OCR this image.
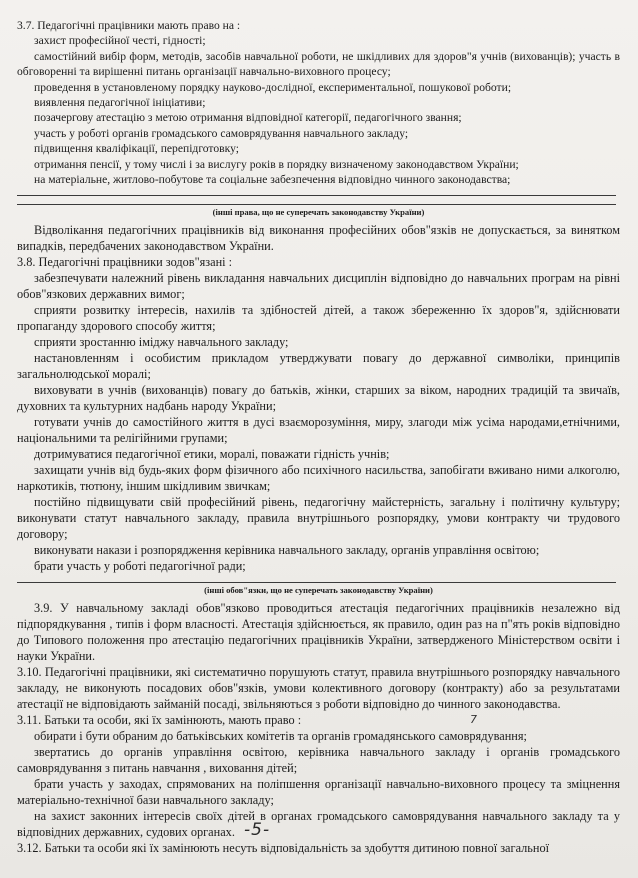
3.7. Педагогічні працівники мають право на :

захист професійної честі, гідності;

самостійний вибір форм, методів, засобів навчальної роботи, не шкідливих для здоров"я учнів (вихованців); участь в обговоренні та вирішенні питань організації навчально-виховного процесу;

проведення в установленому порядку науково-дослідної, експериментальної, пошукової роботи;

виявлення педагогічної ініціативи;

позачергову атестацію з метою отримання відповідної категорії, педагогічного звання;

участь у роботі органів громадського самоврядування навчального закладу;

підвищення кваліфікації, перепідготовку;

отримання пенсії, у тому числі і за вислугу років в порядку визначеному законодавством України;

на матеріальне, житлово-побутове та соціальне забезпечення відповідно чинного законодавства;

(інші права, що не суперечать законодавству України)

Відволікання педагогічних працівників від виконання професійних обов"язків не допускається, за винятком випадків, передбачених законодавством України.

3.8. Педагогічні працівники зодов"язані :

забезпечувати належний рівень викладання навчальних дисциплін відповідно до навчальних програм на рівні обов"язкових державних вимог;

сприяти розвитку інтересів, нахилів та здібностей дітей, а також збереженню їх здоров"я, здійснювати пропаганду здорового способу життя;

сприяти зростанню іміджу навчального закладу;

настановленням і особистим прикладом утверджувати повагу до державної символіки, принципів загальнолюдської моралі;

виховувати в учнів (вихованців) повагу до батьків, жінки, старших за віком, народних традицій та звичаїв, духовних та культурних надбань народу України;

готувати учнів до самостійного життя в дусі взаєморозуміння, миру, злагоди між усіма народами,етнічними, національними та релігійними групами;

дотримуватися педагогічної етики, моралі, поважати гідність учнів;

захищати учнів від будь-яких форм фізичного або психічного насильства, запобігати вживано ними алкоголю, наркотиків, тютюну, іншим шкідливим звичкам;

постійно підвищувати свій професійний рівень, педагогічну майстерність, загальну і політичну культуру; виконувати статут навчального закладу, правила внутрішнього розпорядку, умови контракту чи трудового договору;

виконувати накази і розпорядження керівника навчального закладу, органів управління освітою;

брати участь у роботі педагогічної ради;

(інші обов"язки, що не суперечать законодавству України)

3.9. У навчальному закладі обов"язково проводиться атестація педагогічних працівників незалежно від підпорядкування , типів і форм власності. Атестація здійснюється, як правило, один раз на п"ять років відповідно до Типового положення про атестацію педагогічних працівників України, затвердженого Міністерством освіти і науки України.

3.10. Педагогічні працівники, які систематично порушують статут, правила внутрішнього розпорядку навчального закладу, не виконують посадових обов"язків, умови колективного договору (контракту) або за результатами атестації не відповідають займаній посаді, звільняються з роботи відповідно до чинного законодавства.

3.11. Батьки та особи, які їх замінюють, мають право :

обирати і бути обраним до батьківських комітетів та органів громадянського самоврядування;

звертатись до органів управління освітою, керівника навчального закладу і органів громадського самоврядування з питань навчання , виховання дітей;

брати участь у заходах, спрямованих на поліпшення організації навчально-виховного процесу та зміцнення матеріально-технічної бази навчального закладу;

на захист законних інтересів своїх дітей в органах громадського самоврядування навчального закладу та у відповідних державних, судових органах.

3.12. Батьки та особи які їх замінюють несуть відповідальність за здобуття дитиною повної загальної

7
-5-
